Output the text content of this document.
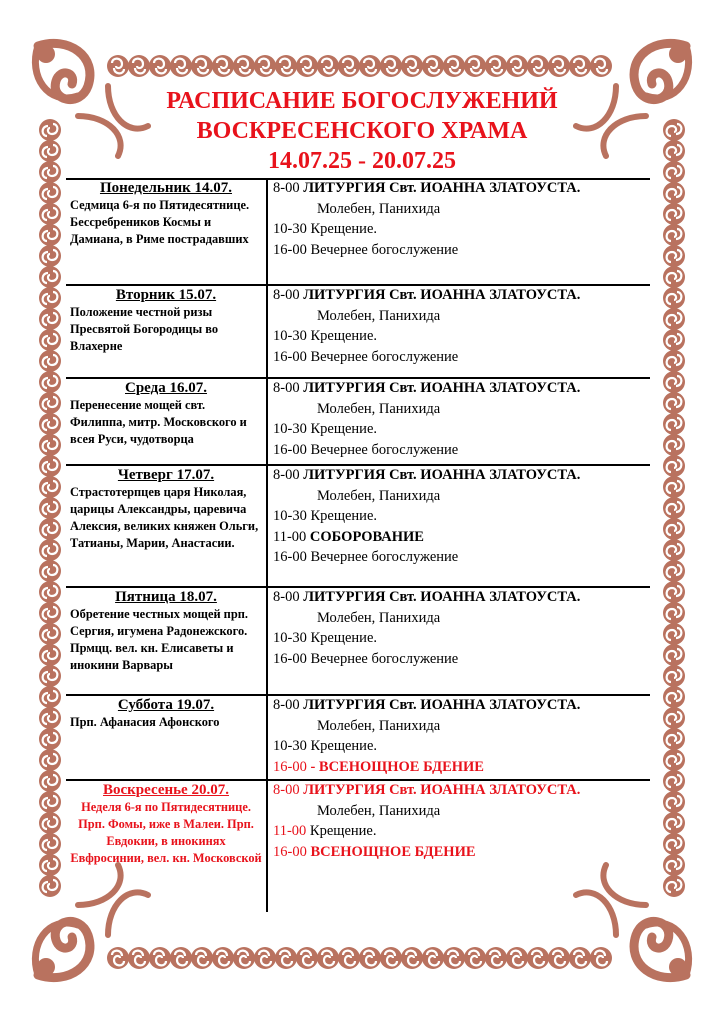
РАСПИСАНИЕ БОГОСЛУЖЕНИЙ
ВОСКРЕСЕНСКОГО ХРАМА
14.07.25 - 20.07.25
Понедельник 14.07.
Седмица 6-я по Пятидесятнице. Бессребреников Космы и Дамиана, в Риме пострадавших
8-00 ЛИТУРГИЯ Свт. ИОАННА ЗЛАТОУСТА.
Молебен, Панихида
10-30 Крещение.
16-00 Вечернее богослужение
Вторник 15.07.
Положение честной ризы Пресвятой Богородицы во Влахерне
8-00 ЛИТУРГИЯ Свт. ИОАННА ЗЛАТОУСТА.
Молебен, Панихида
10-30 Крещение.
16-00 Вечернее богослужение
Среда 16.07.
Перенесение мощей свт. Филиппа, митр. Московского и всея Руси, чудотворца
8-00 ЛИТУРГИЯ Свт. ИОАННА ЗЛАТОУСТА.
Молебен, Панихида
10-30 Крещение.
16-00 Вечернее богослужение
Четверг 17.07.
Страстотерпцев царя Николая, царицы Александры, царевича Алексия, великих княжен Ольги, Татианы, Марии, Анастасии.
8-00 ЛИТУРГИЯ Свт. ИОАННА ЗЛАТОУСТА.
Молебен, Панихида
10-30 Крещение.
11-00 СОБОРОВАНИЕ
16-00 Вечернее богослужение
Пятница 18.07.
Обретение честных мощей прп. Сергия, игумена Радонежского. Прмцц. вел. кн. Елисаветы и инокини Варвары
8-00 ЛИТУРГИЯ Свт. ИОАННА ЗЛАТОУСТА.
Молебен, Панихида
10-30 Крещение.
16-00 Вечернее богослужение
Суббота 19.07.
Прп. Афанасия Афонского
8-00 ЛИТУРГИЯ Свт. ИОАННА ЗЛАТОУСТА.
Молебен, Панихида
10-30 Крещение.
16-00 - ВСЕНОЩНОЕ БДЕНИЕ
Воскресенье 20.07.
Неделя 6-я по Пятидесятнице. Прп. Фомы, иже в Малеи. Прп. Евдокии, в инокинях Евфросинии, вел. кн. Московской
8-00 ЛИТУРГИЯ Свт. ИОАННА ЗЛАТОУСТА.
Молебен, Панихида
11-00 Крещение.
16-00 ВСЕНОЩНОЕ БДЕНИЕ
